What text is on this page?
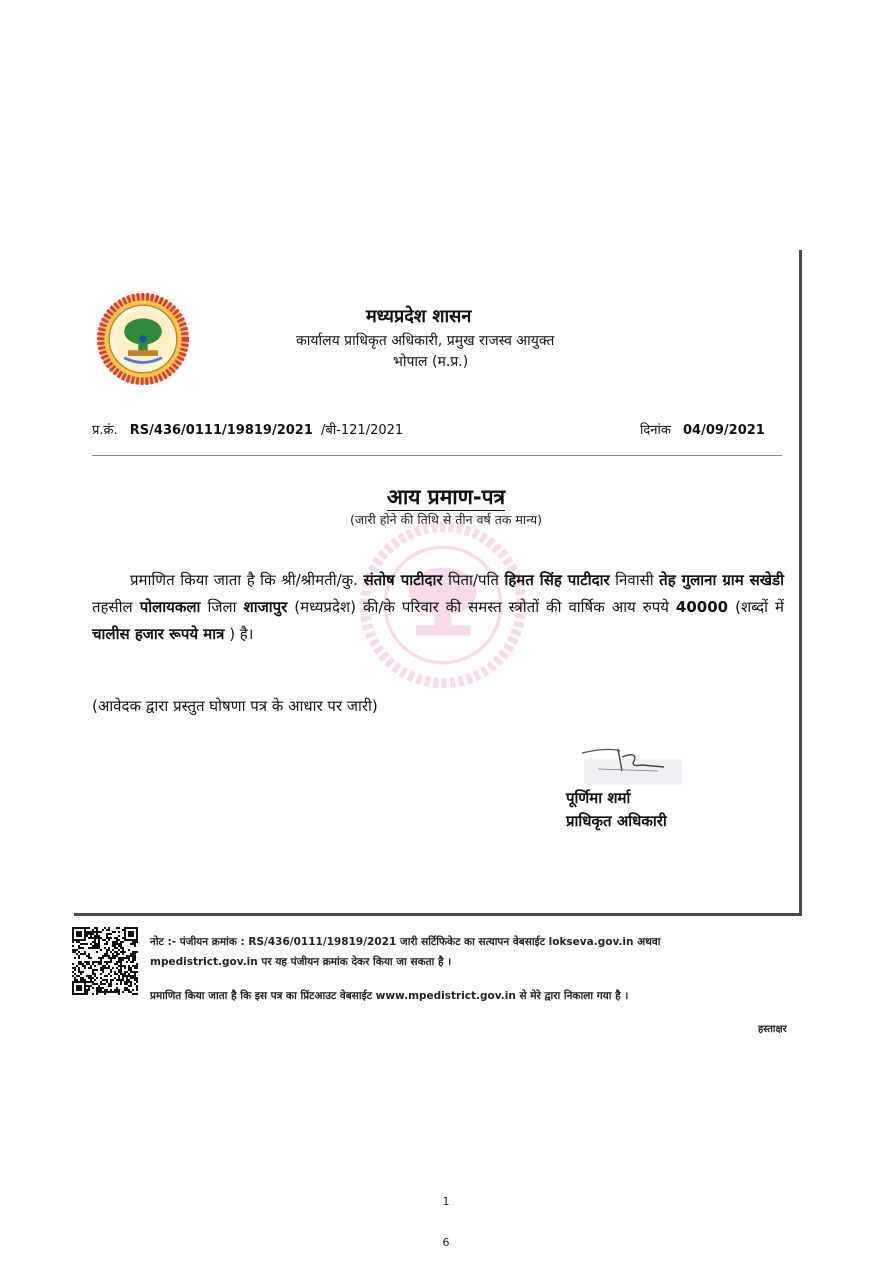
मध्यप्रदेश शासन
कार्यालय प्राधिकृत अधिकारी, प्रमुख राजस्व आयुक्त
भोपाल (म.प्र.)
प्र.क्रं. RS/436/0111/19819/2021 /बी-121/2021	दिनांक 04/09/2021
आय प्रमाण-पत्र
(जारी होने की तिथि से तीन वर्ष तक मान्य)
प्रमाणित किया जाता है कि श्री/श्रीमती/कु. संतोष पाटीदार पिता/पति हिमत सिंह पाटीदार निवासी तेह गुलाना ग्राम सखेडी तहसील पोलायकला जिला शाजापुर (मध्यप्रदेश) की/के परिवार की समस्त स्त्रोतों की वार्षिक आय रुपये 40000 (शब्दों में चालीस हजार रूपये मात्र ) है।
(आवेदक द्वारा प्रस्तुत घोषणा पत्र के आधार पर जारी)
पूर्णिमा शर्मा
प्राधिकृत अधिकारी
नोट :- पंजीयन क्रमांक : RS/436/0111/19819/2021 जारी सर्टिफिकेट का सत्यापन वेबसाईट lokseva.gov.in अथवा
mpedistrict.gov.in पर यह पंजीयन क्रमांक देकर किया जा सकता है ।
प्रमाणित किया जाता है कि इस पत्र का प्रिंटआउट वेबसाईट www.mpedistrict.gov.in से मेरे द्वारा निकाला गया है ।
हस्ताक्षर
1
6
